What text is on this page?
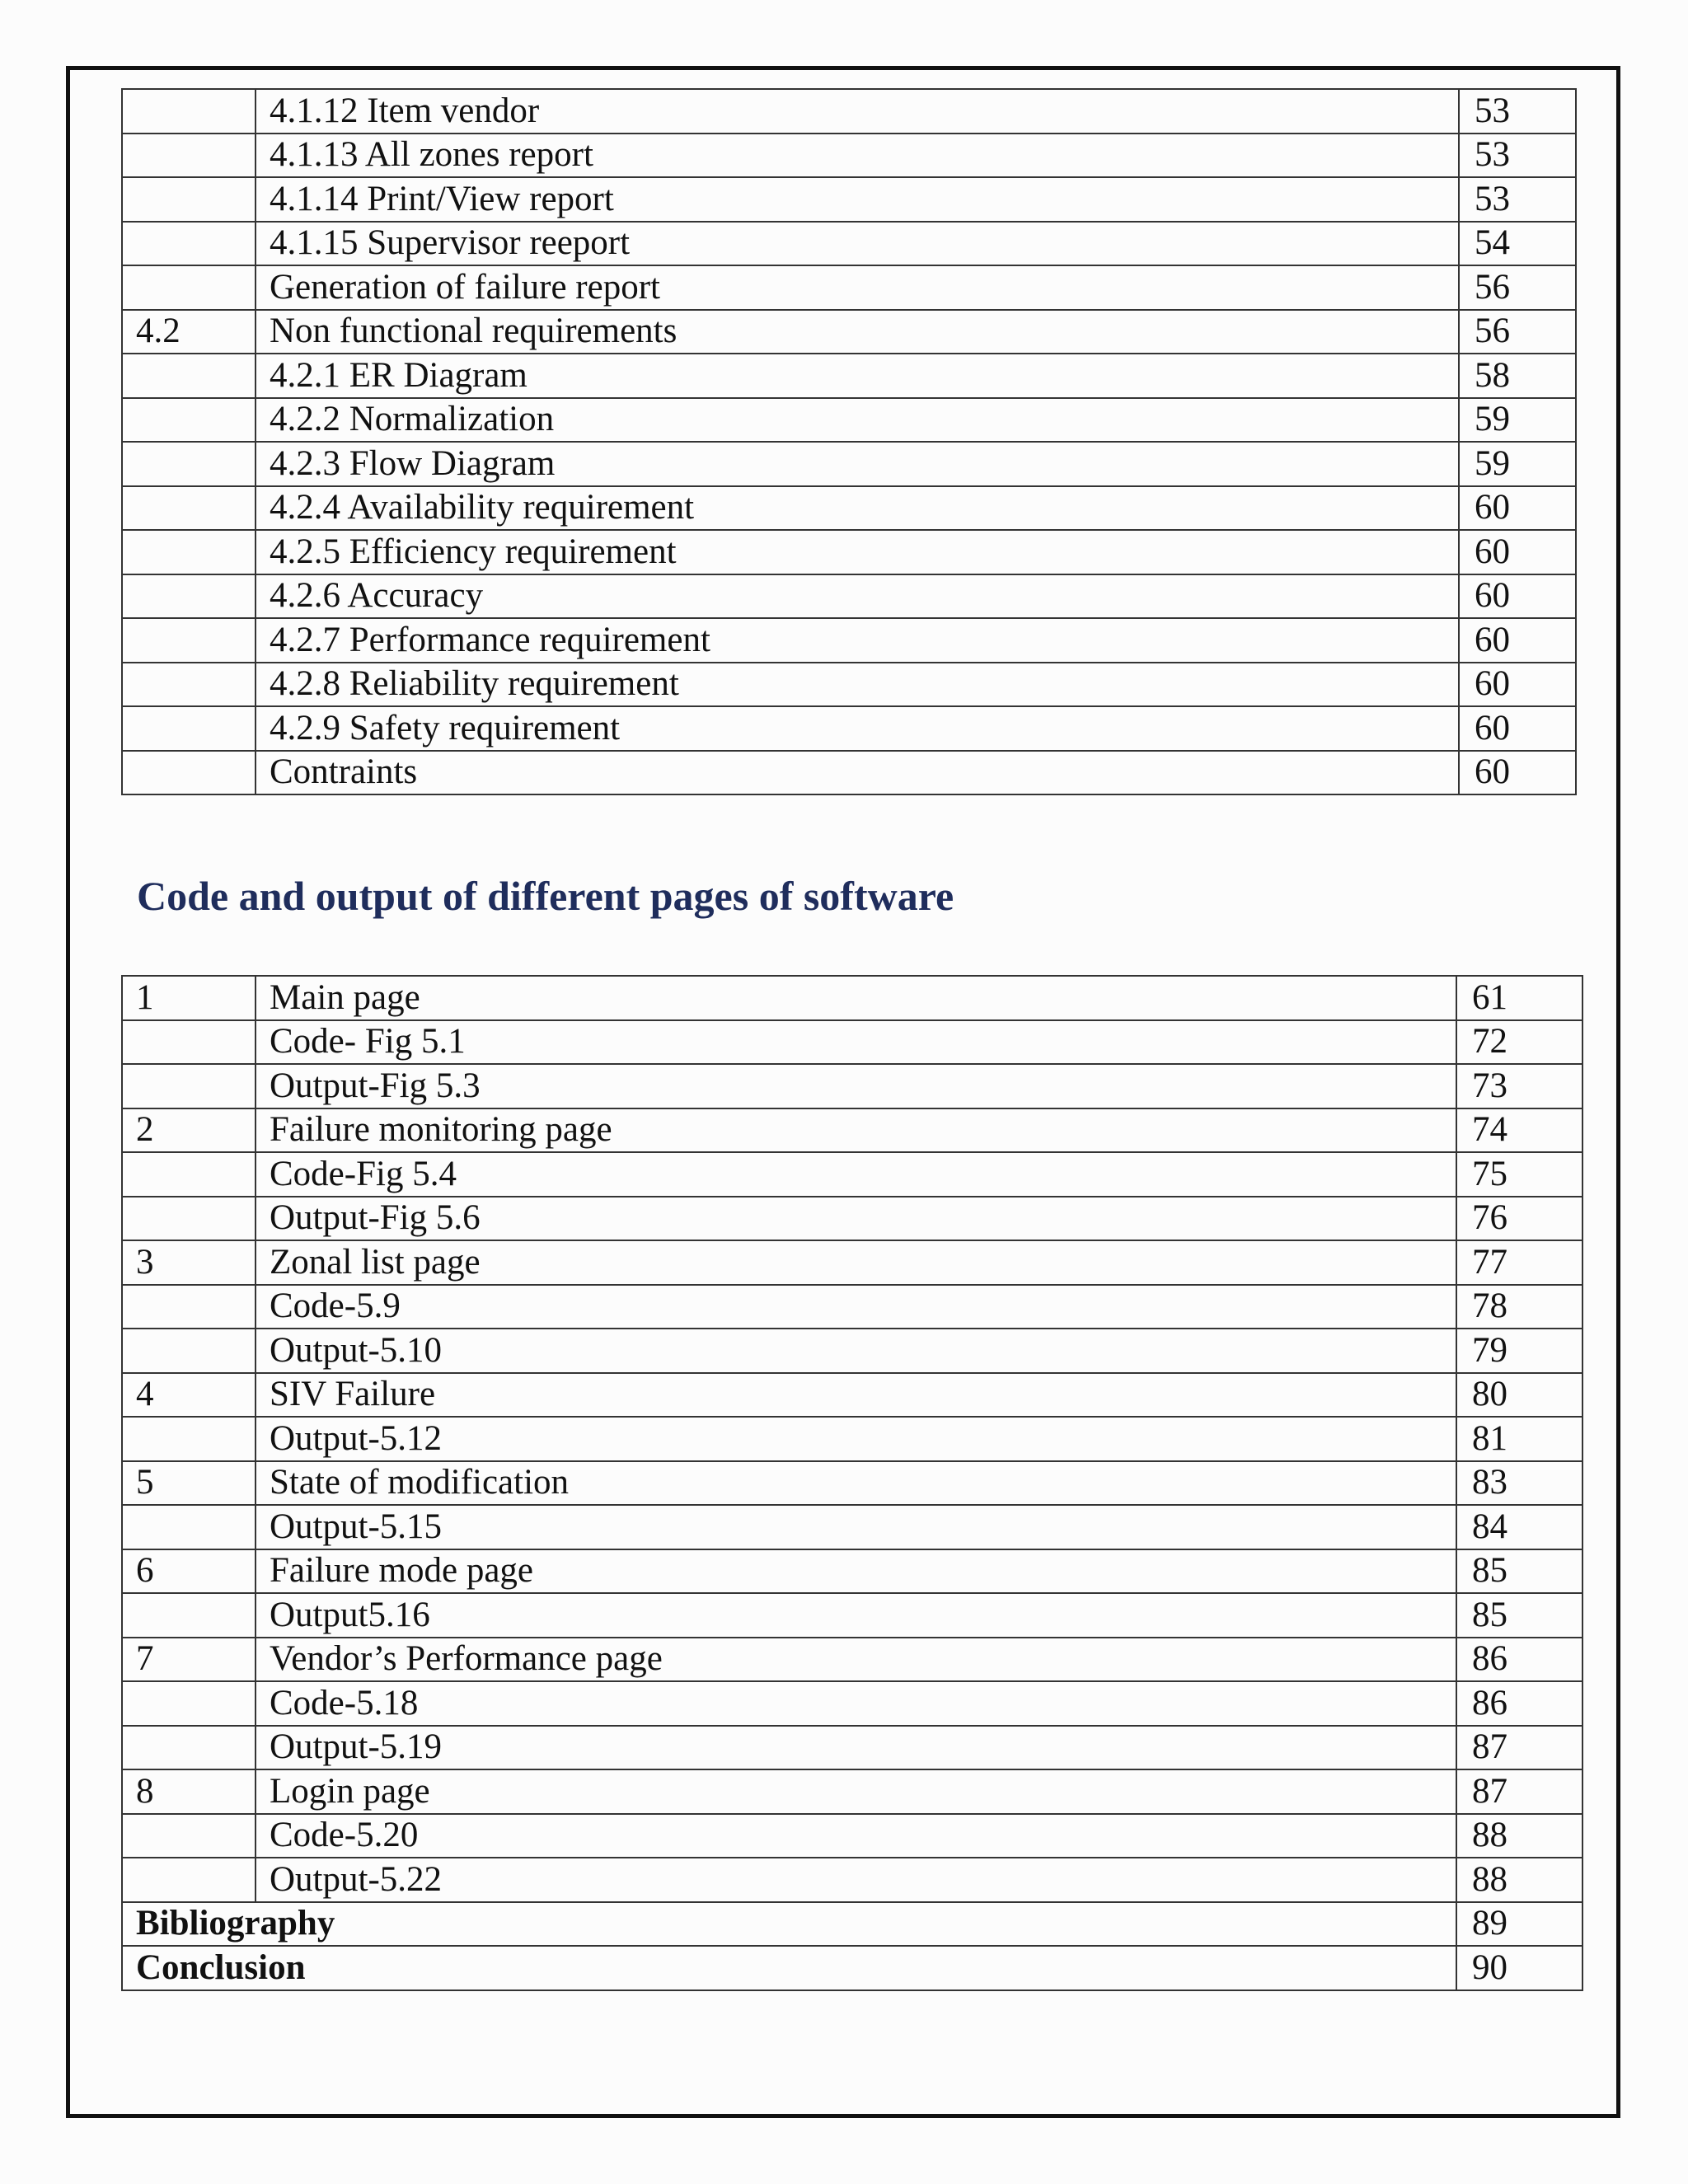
	4.1.12 Item vendor	53
	4.1.13 All zones report	53
	4.1.14 Print/View report	53
	4.1.15 Supervisor reeport	54
	Generation of failure report	56
4.2	Non functional requirements	56
	4.2.1 ER Diagram	58
	4.2.2 Normalization	59
	4.2.3 Flow Diagram	59
	4.2.4 Availability requirement	60
	4.2.5 Efficiency requirement	60
	4.2.6 Accuracy	60
	4.2.7 Performance requirement	60
	4.2.8 Reliability requirement	60
	4.2.9 Safety requirement	60
	Contraints	60
Code and output of different pages of software
1	Main page	61
	Code- Fig 5.1	72
	Output-Fig 5.3	73
2	Failure monitoring page	74
	Code-Fig 5.4	75
	Output-Fig 5.6	76
3	Zonal list page	77
	Code-5.9	78
	Output-5.10	79
4	SIV Failure	80
	Output-5.12	81
5	State of modification	83
	Output-5.15	84
6	Failure mode page	85
	Output5.16	85
7	Vendor’s Performance page	86
	Code-5.18	86
	Output-5.19	87
8	Login page	87
	Code-5.20	88
	Output-5.22	88
Bibliography		89
Conclusion		90
